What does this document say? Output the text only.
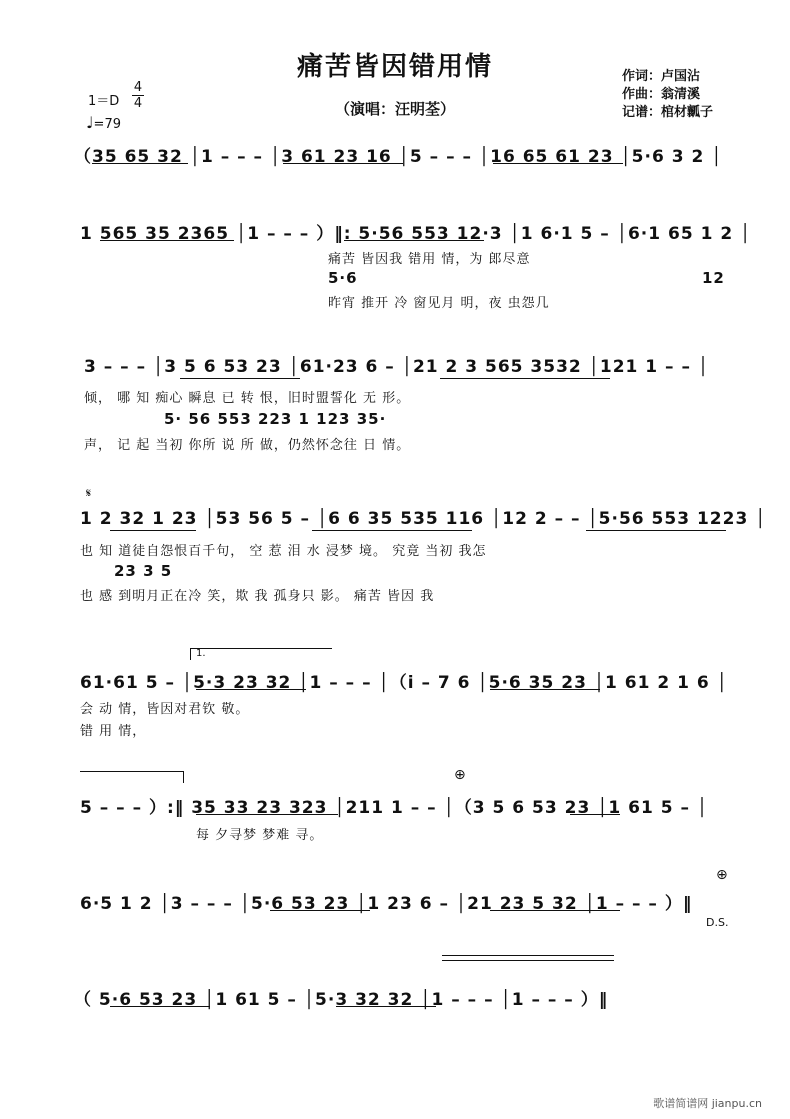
痛苦皆因错用情
（演唱：汪明荃）
作词：卢国沾
作曲：翁清溪
记谱：棺材瓤子
1＝D
4
4
♩=79
（35 65 32 │1 – – – │3 61 23 16 │5 – – – │16 65 61 23 │5·6 3 2 │
1 565 35 2365 │1 – – – ）‖: 5·56 553 12·3 │1 6·1 5 – │6·1 65 1 2 │
痛苦 皆因我 错用 情，为 郎尽意
5·6	12
昨宵 推开 冷 窗见月 明，夜 虫怨几
3 – – – │3 5 6 53 23 │61·23 6 – │21 2 3 565 3532 │121 1 – – │
倾， 哪 知 痴心 瞬息 已 转 恨，旧时盟誓化 无 形。
5· 56 553 223 1 123 35·
声， 记 起 当初 你所 说 所 做，仍然怀念往 日 情。
𝄋
1 2 32 1 23 │53 56 5 – │6 6 35 535 116 │12 2 – – │5·56 553 1223 │
也 知 道徒自怨恨百千句， 空 惹 泪 水 浸梦 境。 究竟 当初 我怎
23 3 5
也 感 到明月正在冷 笑，欺 我 孤身只 影。 痛苦 皆因 我
1.
61·61 5 – │5·3 23 32 │1 – – – │（i – 7 6 │5·6 35 23 │1 61 2 1 6 │
会 动 情，皆因对君钦 敬。
错 用 情，
⊕
5 – – – ）:‖ 35 33 23 323 │211 1 – – │（3 5 6 53 23 │1 61 5 – │
每 夕寻梦 梦难 寻。
⊕
6·5 1 2 │3 – – – │5·6 53 23 │1 23 6 – │21 23 5 32 │1 – – – ）‖
D.S.
（ 5·6 53 23 │1 61 5 – │5·3 32 32 │1 – – – │1 – – – ）‖
歌谱简谱网 jianpu.cn
